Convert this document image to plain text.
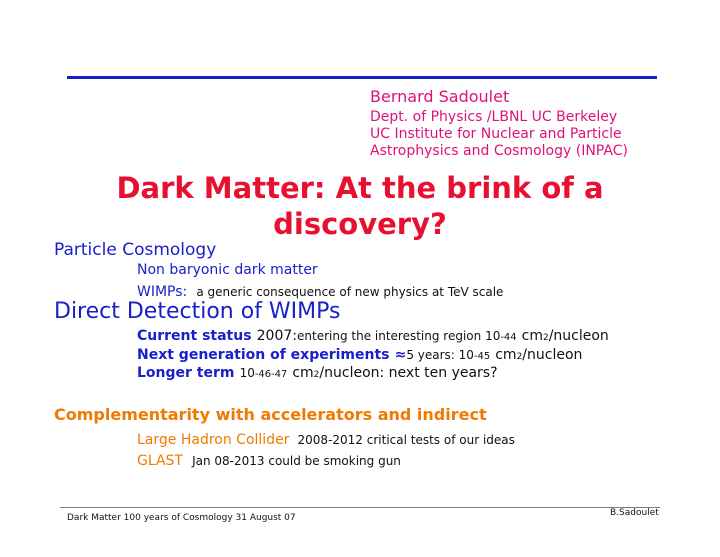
Bernard Sadoulet
Dept. of Physics /LBNL UC Berkeley
UC Institute for Nuclear and Particle
Astrophysics and Cosmology (INPAC)
Dark Matter: At the brink of a
discovery?
Particle Cosmology
Non baryonic dark matter
WIMPs: a generic consequence of new physics at TeV scale
Direct Detection of WIMPs
Current status 2007:entering the interesting region $10^{-44}$ $cm^2$/nucleon
Next generation of experiments ≈5 years: $10^{-45}$ $cm^2$/nucleon
Longer term $10^{-46-47}$ $cm^2$/nucleon: next ten years?
Complementarity with accelerators and indirect
Large Hadron Collider 2008-2012 critical tests of our ideas
GLAST Jan 08-2013 could be smoking gun
B.Sadoulet
Dark Matter 100 years of Cosmology 31 August 07
